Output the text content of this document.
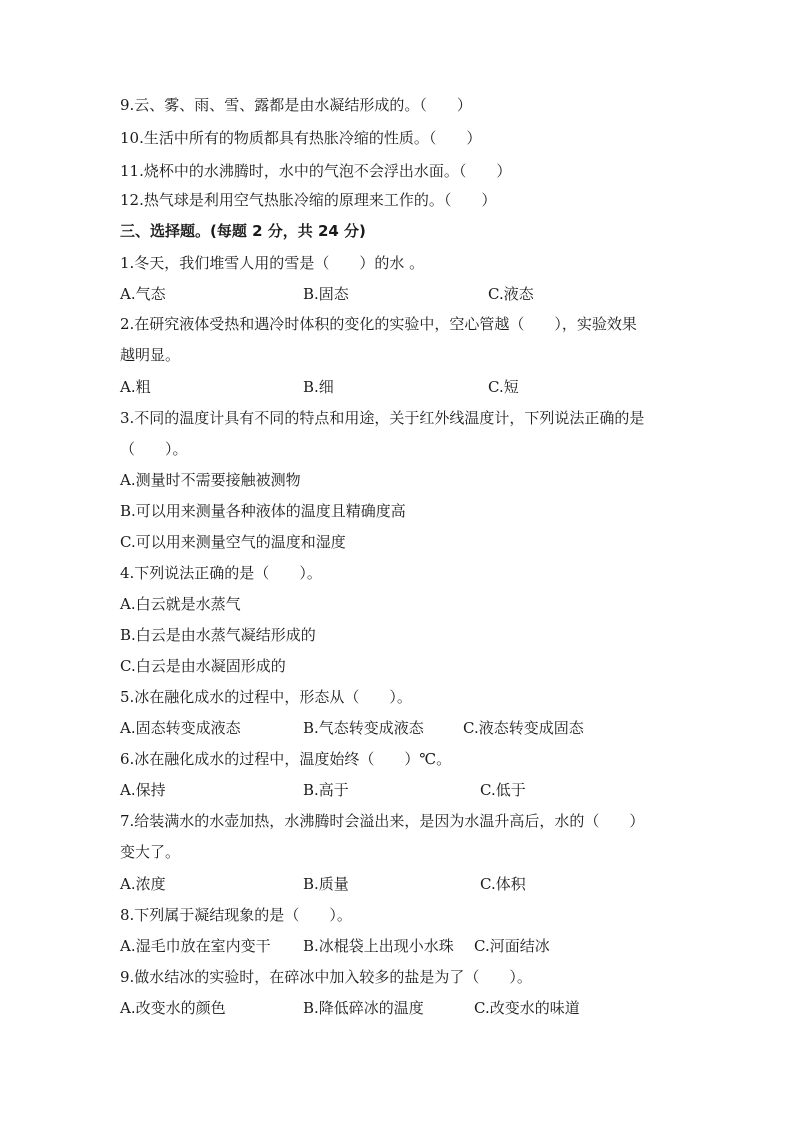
9.云、雾、雨、雪、露都是由水凝结形成的。（　　）
10.生活中所有的物质都具有热胀冷缩的性质。（　　）
11.烧杯中的水沸腾时，水中的气泡不会浮出水面。（　　）
12.热气球是利用空气热胀冷缩的原理来工作的。（　　）
三、选择题。(每题 2 分，共 24 分)
1.冬天，我们堆雪人用的雪是（　　）的水 。
A.气态	B.固态	C.液态
2.在研究液体受热和遇冷时体积的变化的实验中，空心管越（　　），实验效果
越明显。
A.粗	B.细	C.短
3.不同的温度计具有不同的特点和用途，关于红外线温度计，下列说法正确的是
（　　）。
A.测量时不需要接触被测物
B.可以用来测量各种液体的温度且精确度高
C.可以用来测量空气的温度和湿度
4.下列说法正确的是（　　）。
A.白云就是水蒸气
B.白云是由水蒸气凝结形成的
C.白云是由水凝固形成的
5.冰在融化成水的过程中，形态从（　　）。
A.固态转变成液态	B.气态转变成液态	C.液态转变成固态
6.冰在融化成水的过程中，温度始终（　　）℃。
A.保持	B.高于	C.低于
7.给装满水的水壶加热，水沸腾时会溢出来，是因为水温升高后，水的（　　）
变大了。
A.浓度	B.质量	C.体积
8.下列属于凝结现象的是（　　）。
A.湿毛巾放在室内变干 B.冰棍袋上出现小水珠 C.河面结冰
9.做水结冰的实验时，在碎冰中加入较多的盐是为了（　　）。
A.改变水的颜色	B.降低碎冰的温度	C.改变水的味道
